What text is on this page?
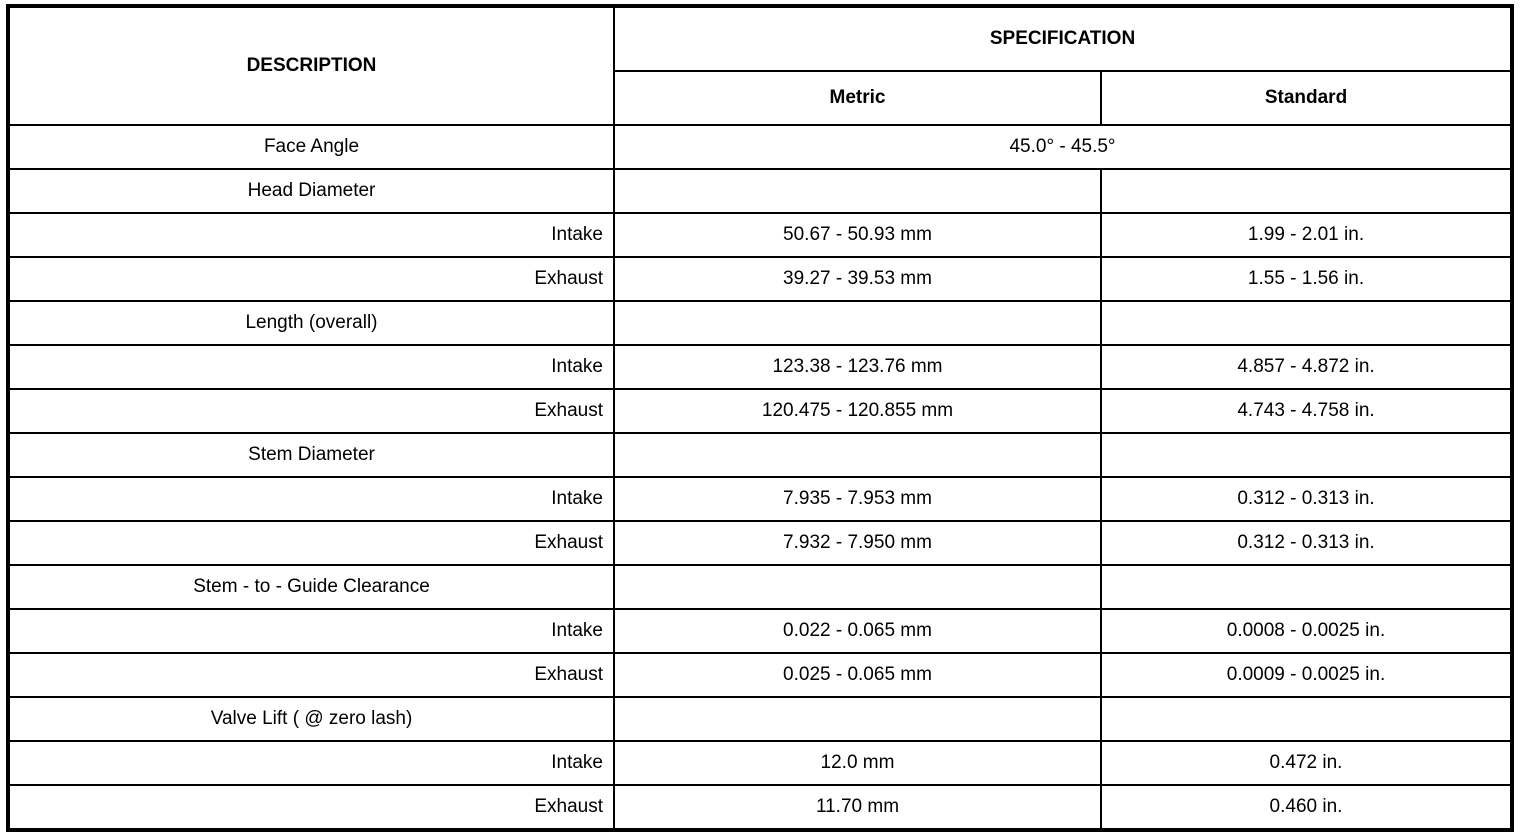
DESCRIPTION	SPECIFICATION	
	Metric	Standard
Face Angle	45.0° - 45.5°	
Head Diameter		
Intake	50.67 - 50.93 mm	1.99 - 2.01 in.
Exhaust	39.27 - 39.53 mm	1.55 - 1.56 in.
Length (overall)		
Intake	123.38 - 123.76 mm	4.857 - 4.872 in.
Exhaust	120.475 - 120.855 mm	4.743 - 4.758 in.
Stem Diameter		
Intake	7.935 - 7.953 mm	0.312 - 0.313 in.
Exhaust	7.932 - 7.950 mm	0.312 - 0.313 in.
Stem - to - Guide Clearance		
Intake	0.022 - 0.065 mm	0.0008 - 0.0025 in.
Exhaust	0.025 - 0.065 mm	0.0009 - 0.0025 in.
Valve Lift ( @ zero lash)		
Intake	12.0 mm	0.472 in.
Exhaust	11.70 mm	0.460 in.
